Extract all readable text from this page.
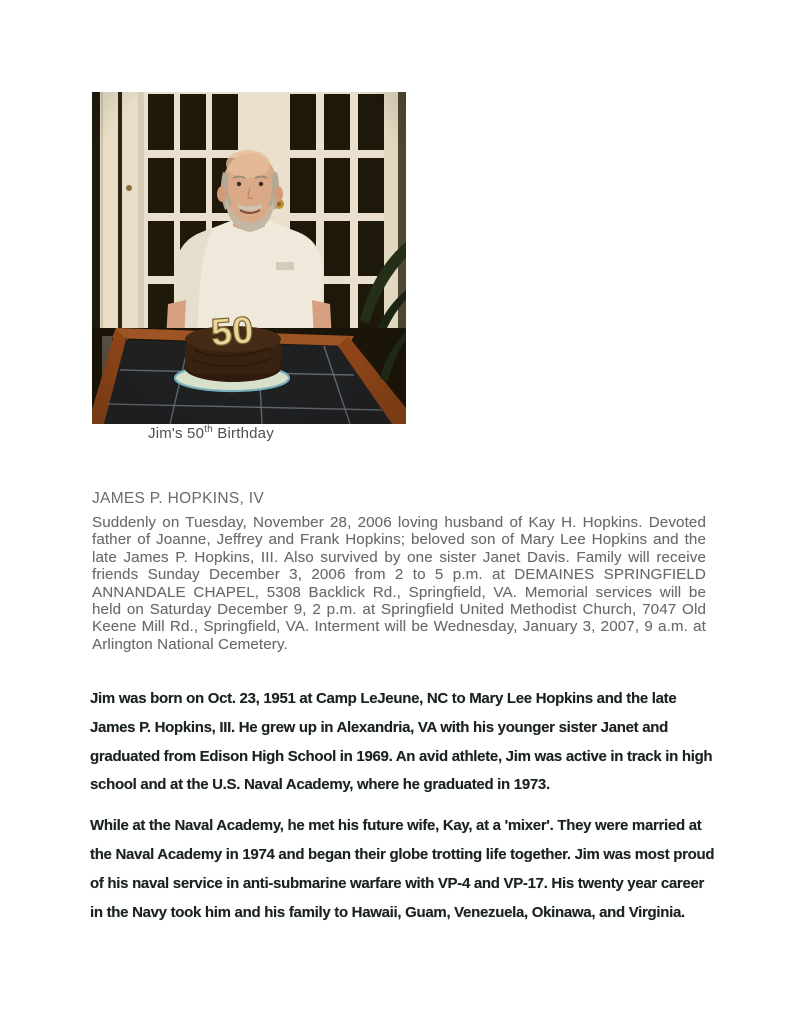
Jim's 50th Birthday
JAMES P. HOPKINS, IV
Suddenly on Tuesday, November 28, 2006 loving husband of Kay H. Hopkins. Devoted father of Joanne, Jeffrey and Frank Hopkins; beloved son of Mary Lee Hopkins and the late James P. Hopkins, III. Also survived by one sister Janet Davis. Family will receive friends Sunday December 3, 2006 from 2 to 5 p.m. at DEMAINES SPRINGFIELD ANNANDALE CHAPEL, 5308 Backlick Rd., Springfield, VA. Memorial services will be held on Saturday December 9, 2 p.m. at Springfield United Methodist Church, 7047 Old Keene Mill Rd., Springfield, VA. Interment will be Wednesday, January 3, 2007, 9 a.m. at Arlington National Cemetery.

Jim was born on Oct. 23, 1951 at Camp LeJeune, NC to Mary Lee Hopkins and the late James P. Hopkins, III. He grew up in Alexandria, VA with his younger sister Janet and graduated from Edison High School in 1969. An avid athlete, Jim was active in track in high school and at the U.S. Naval Academy, where he graduated in 1973.

While at the Naval Academy, he met his future wife, Kay, at a 'mixer'. They were married at the Naval Academy in 1974 and began their globe trotting life together. Jim was most proud of his naval service in anti-submarine warfare with VP-4 and VP-17. His twenty year career in the Navy took him and his family to Hawaii, Guam, Venezuela, Okinawa, and Virginia.
